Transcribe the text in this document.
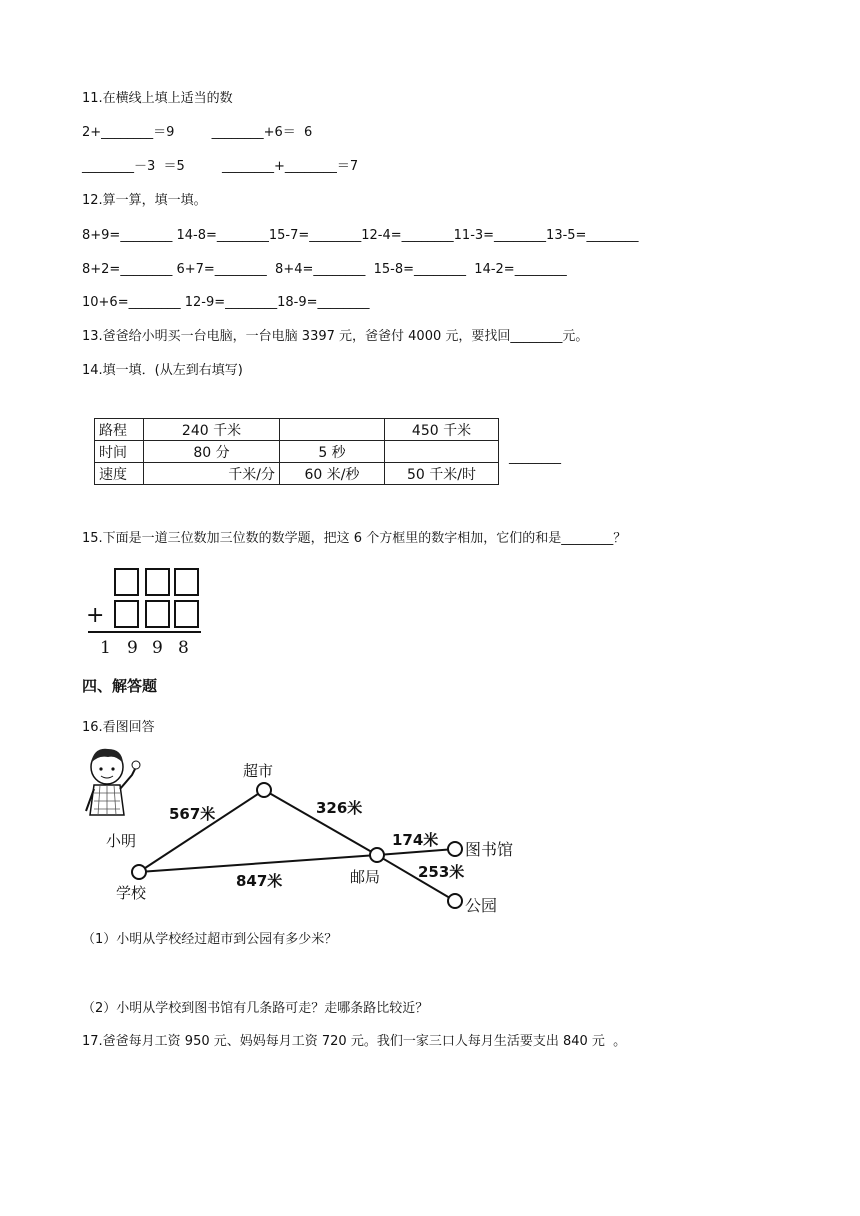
11.在横线上填上适当的数
2+________＝9         ________+6＝  6
________－3  ＝5         ________+________＝7
12.算一算，填一填。
8+9=________ 14-8=________15-7=________12-4=________11-3=________13-5=________
8+2=________ 6+7=________  8+4=________  15-8=________  14-2=________
10+6=________ 12-9=________18-9=________
13.爸爸给小明买一台电脑，一台电脑 3397 元，爸爸付 4000 元，要找回________元。
14.填一填．(从左到右填写)
路程	240 千米		450 千米	
时间	80 分	5 秒		
速度	千米/分	60 米/秒	50 千米/时	
________
15.下面是一道三位数加三位数的数学题，把这 6 个方框里的数字相加，它们的和是________？
+
1 9 9 8
四、解答题
16.看图回答
小明
学校
超市
邮局
图书馆
公园
567米	326米
847米
174米
253米
（1）小明从学校经过超市到公园有多少米？
（2）小明从学校到图书馆有几条路可走？走哪条路比较近？
17.爸爸每月工资 950 元、妈妈每月工资 720 元。我们一家三口人每月生活要支出 840 元  。
